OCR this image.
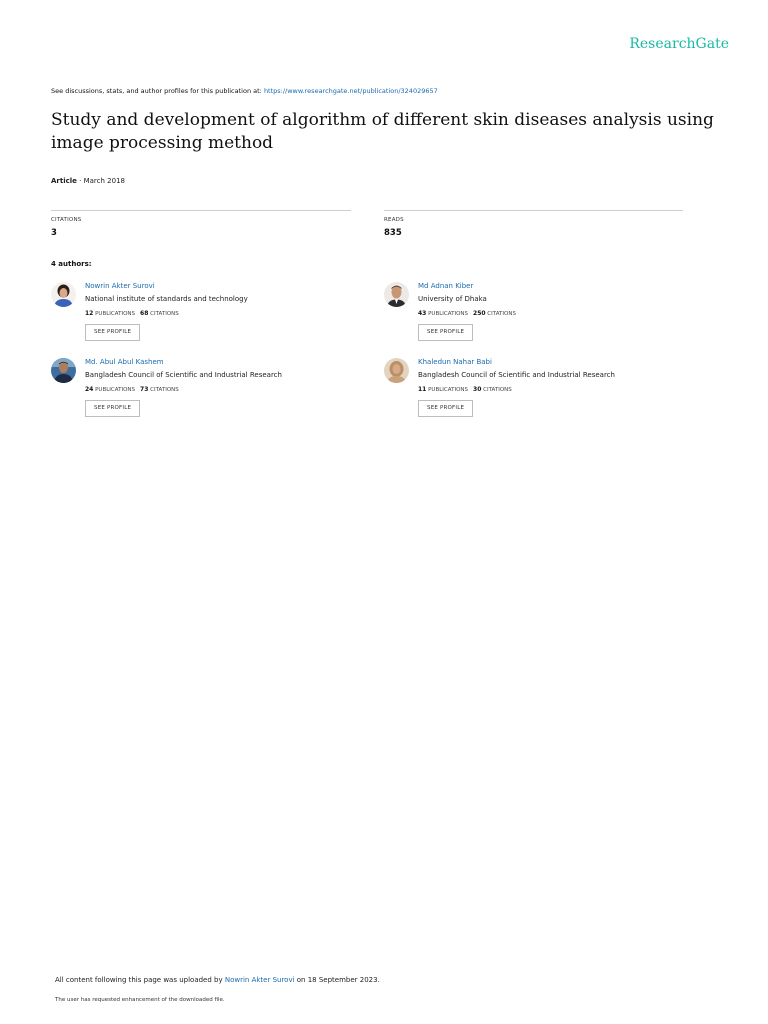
ResearchGate
See discussions, stats, and author profiles for this publication at: https://www.researchgate.net/publication/324029657
Study and development of algorithm of different skin diseases analysis using image processing method
Article · March 2018
CITATIONS
3
READS
835
4 authors:
Nowrin Akter Surovi
National institute of standards and technology
12 PUBLICATIONS 68 CITATIONS
SEE PROFILE
Md Adnan Kiber
University of Dhaka
43 PUBLICATIONS 250 CITATIONS
SEE PROFILE
Md. Abul Abul Kashem
Bangladesh Council of Scientific and Industrial Research
24 PUBLICATIONS 73 CITATIONS
SEE PROFILE
Khaledun Nahar Babi
Bangladesh Council of Scientific and Industrial Research
11 PUBLICATIONS 30 CITATIONS
SEE PROFILE
All content following this page was uploaded by Nowrin Akter Surovi on 18 September 2023.
The user has requested enhancement of the downloaded file.
